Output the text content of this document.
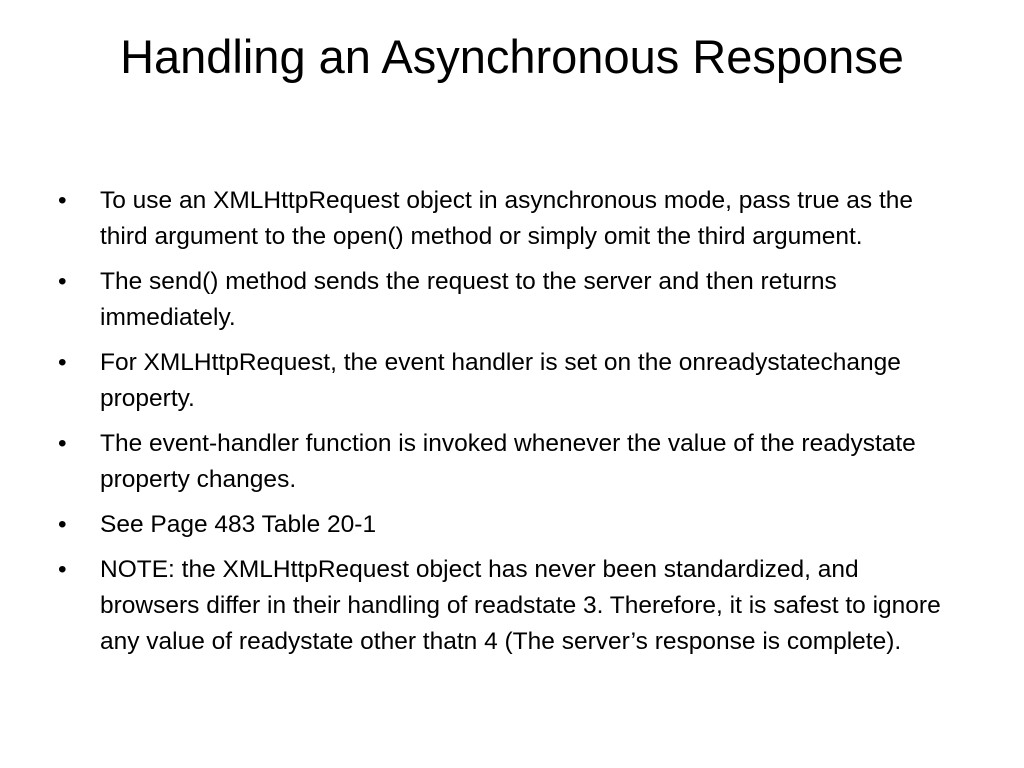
Handling an Asynchronous Response
•	To use an XMLHttpRequest object in asynchronous mode, pass true as the third argument to the open() method or simply omit the third argument.
•	The send() method sends the request to the server and then returns immediately.
•	For XMLHttpRequest, the event handler is set on the onreadystatechange property.
•	The event-handler function is invoked whenever the value of the readystate property changes.
•	See Page 483 Table 20-1
•	NOTE: the XMLHttpRequest object has never been standardized, and browsers differ in their handling of readstate 3. Therefore, it is safest to ignore any value of readystate other thatn 4 (The server’s response is complete).
